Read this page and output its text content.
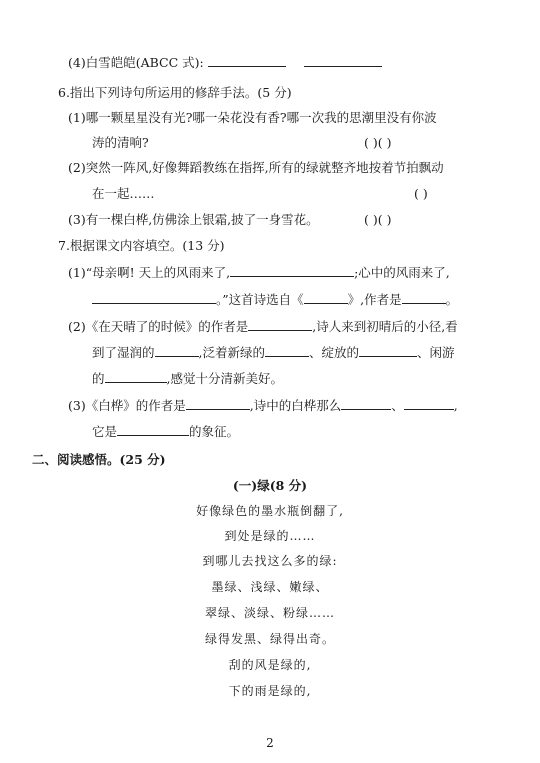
(4)白雪皑皑(ABCC 式):
6.指出下列诗句所运用的修辞手法。(5 分)
(1)哪一颗星星没有光?哪一朵花没有香?哪一次我的思潮里没有你波
涛的清响?	( )( )
(2)突然一阵风,好像舞蹈教练在指挥,所有的绿就整齐地按着节拍飘动
在一起……	( )
(3)有一棵白桦,仿佛涂上银霜,披了一身雪花。	( )( )
7.根据课文内容填空。(13 分)
(1)“母亲啊! 天上的风雨来了,	;心中的风雨来了,
。”这首诗选自《	》,作者是	。
(2)《在天晴了的时候》的作者是	,诗人来到初晴后的小径,看
到了湿润的	,泛着新绿的	、绽放的	、闲游
的	,感觉十分清新美好。
(3)《白桦》的作者是	,诗中的白桦那么	、	,
它是	的象征。
二、阅读感悟。(25 分)
(一)绿(8 分)
好像绿色的墨水瓶倒翻了,
到处是绿的……
到哪儿去找这么多的绿:
墨绿、浅绿、嫩绿、
翠绿、淡绿、粉绿……
绿得发黑、绿得出奇。
刮的风是绿的,
下的雨是绿的,
2
